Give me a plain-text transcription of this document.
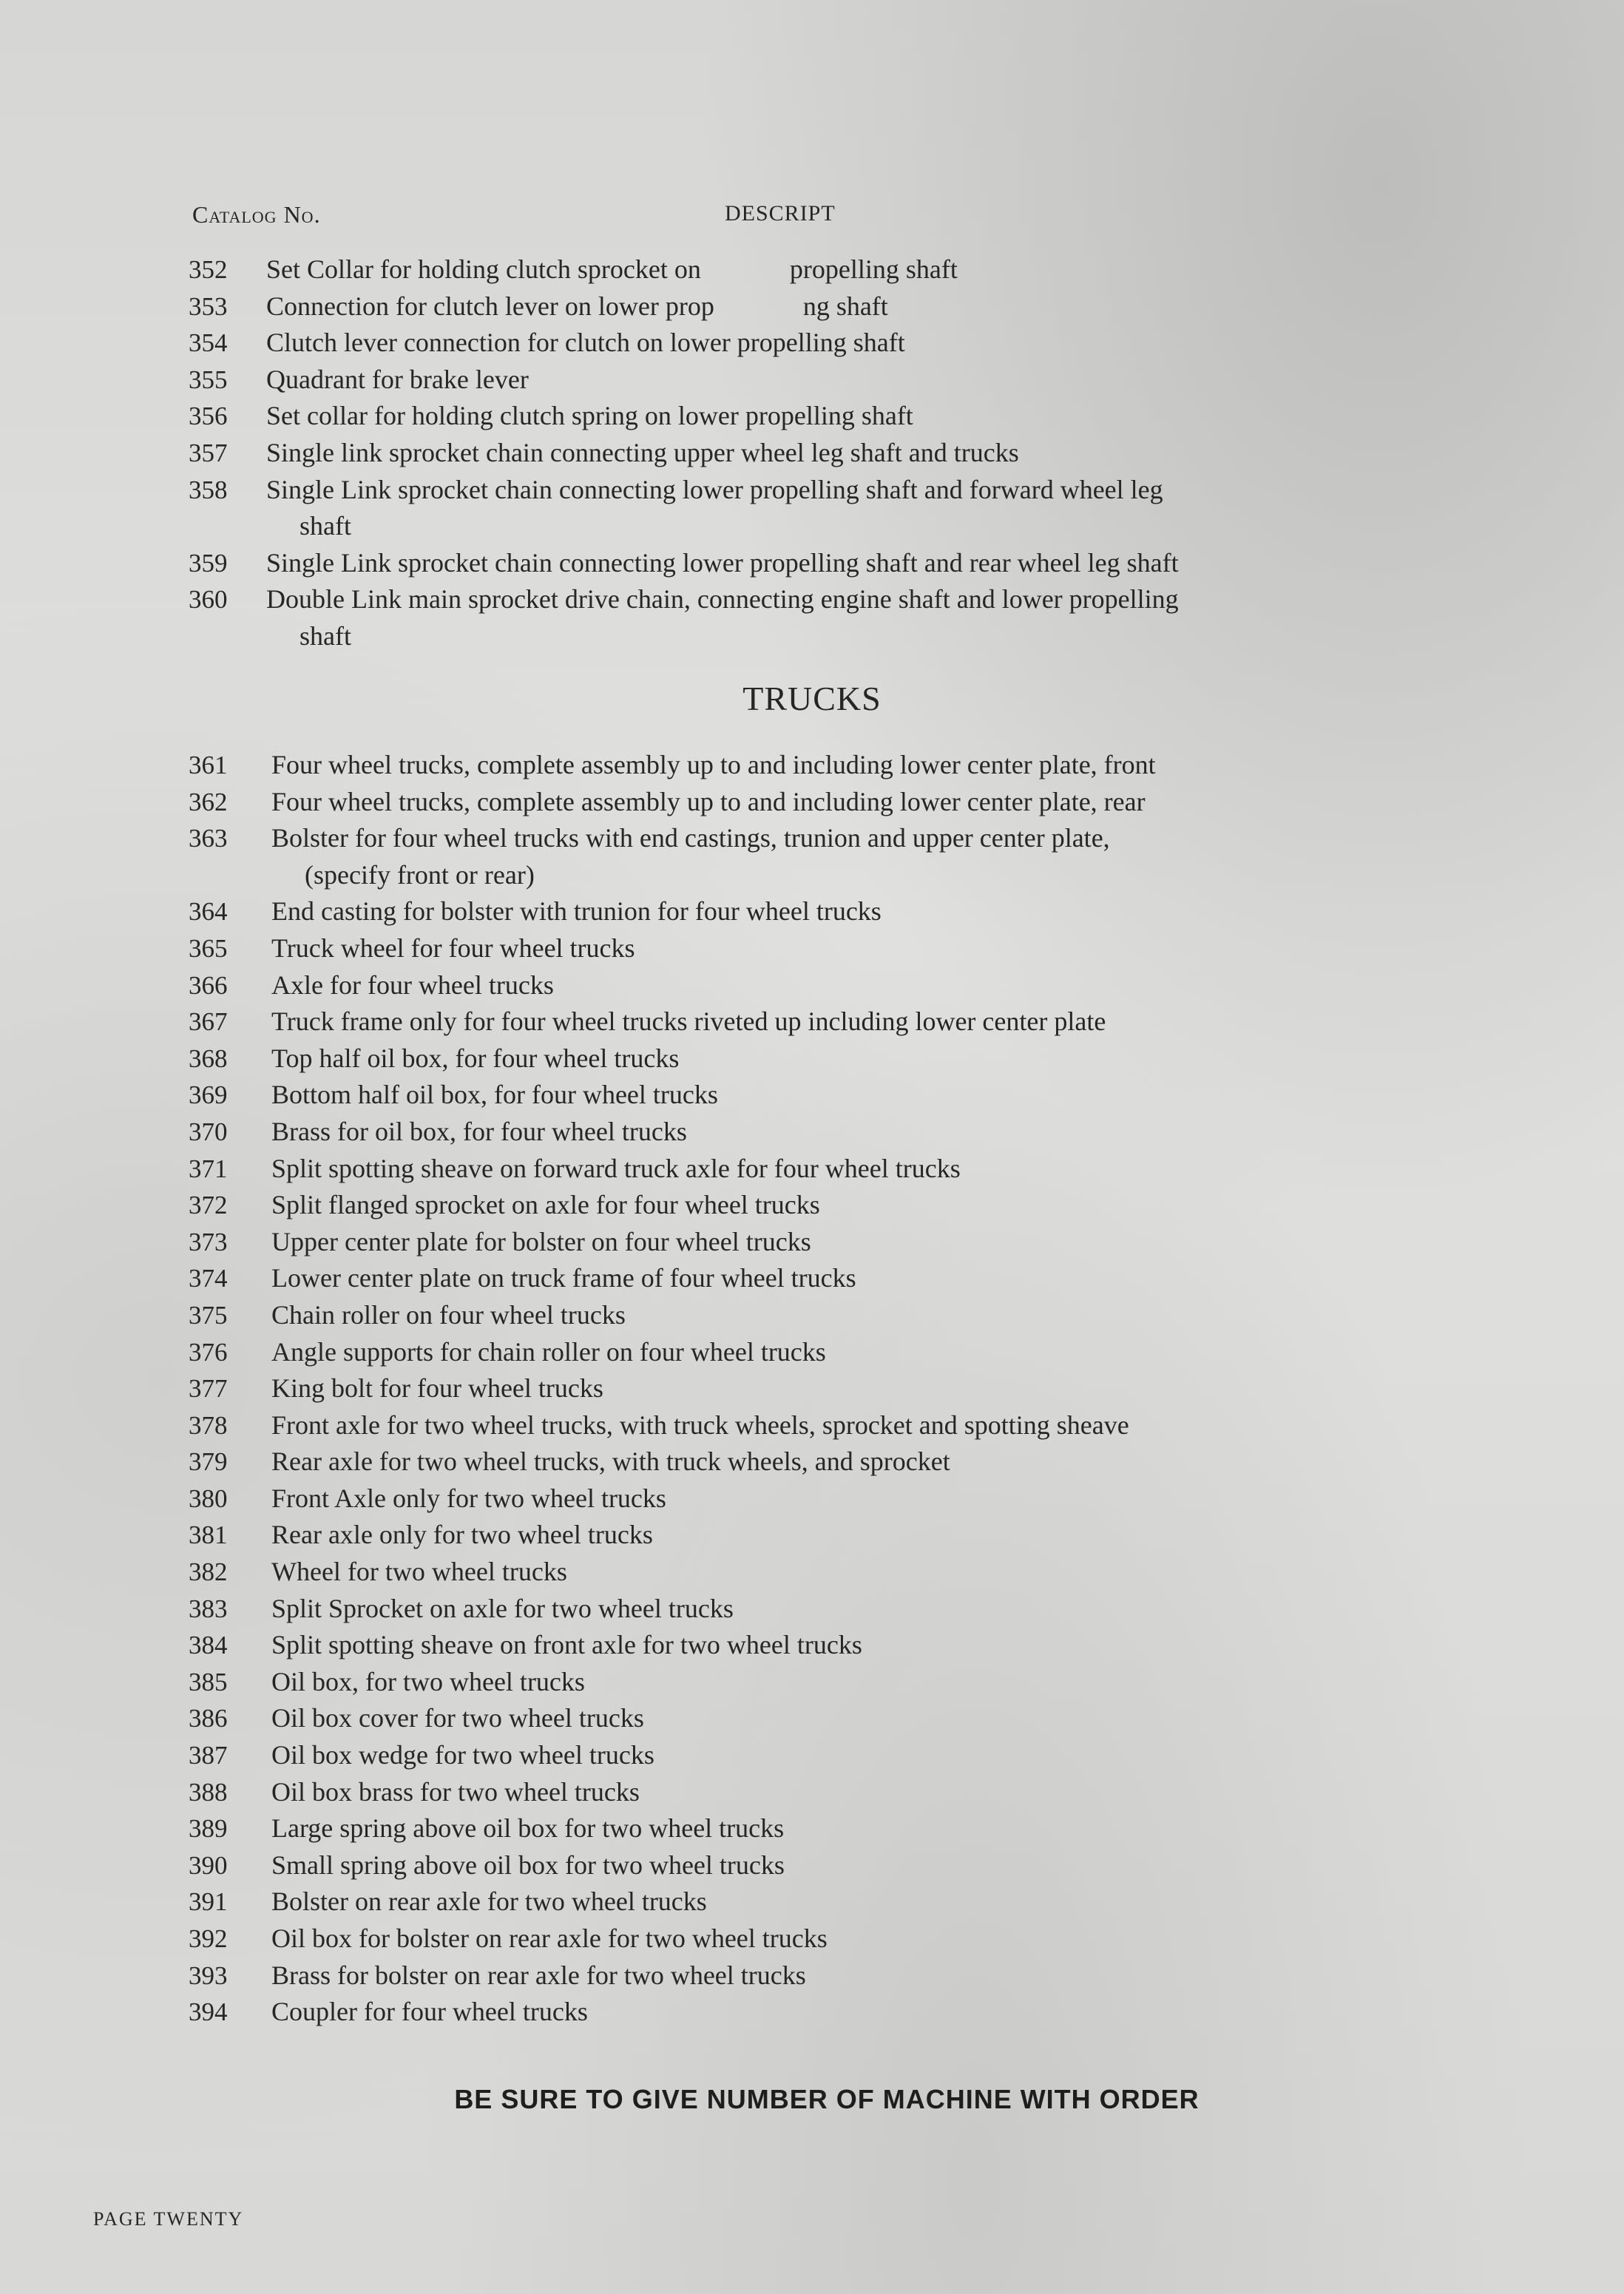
Catalog No.	DESCRIPT
352	Set Collar for holding clutch sprocket on	propelling shaft
353	Connection for clutch lever on lower prop	ng shaft
354	Clutch lever connection for clutch on lower propelling shaft
355	Quadrant for brake lever
356	Set collar for holding clutch spring on lower propelling shaft
357	Single link sprocket chain connecting upper wheel leg shaft and trucks
358	Single Link sprocket chain connecting lower propelling shaft and forward wheel leg
shaft
359	Single Link sprocket chain connecting lower propelling shaft and rear wheel leg shaft
360	Double Link main sprocket drive chain, connecting engine shaft and lower propelling
shaft
TRUCKS
361	Four wheel trucks, complete assembly up to and including lower center plate, front
362	Four wheel trucks, complete assembly up to and including lower center plate, rear
363	Bolster for four wheel trucks with end castings, trunion and upper center plate,
(specify front or rear)
364	End casting for bolster with trunion for four wheel trucks
365	Truck wheel for four wheel trucks
366	Axle for four wheel trucks
367	Truck frame only for four wheel trucks riveted up including lower center plate
368	Top half oil box, for four wheel trucks
369	Bottom half oil box, for four wheel trucks
370	Brass for oil box, for four wheel trucks
371	Split spotting sheave on forward truck axle for four wheel trucks
372	Split flanged sprocket on axle for four wheel trucks
373	Upper center plate for bolster on four wheel trucks
374	Lower center plate on truck frame of four wheel trucks
375	Chain roller on four wheel trucks
376	Angle supports for chain roller on four wheel trucks
377	King bolt for four wheel trucks
378	Front axle for two wheel trucks, with truck wheels, sprocket and spotting sheave
379	Rear axle for two wheel trucks, with truck wheels, and sprocket
380	Front Axle only for two wheel trucks
381	Rear axle only for two wheel trucks
382	Wheel for two wheel trucks
383	Split Sprocket on axle for two wheel trucks
384	Split spotting sheave on front axle for two wheel trucks
385	Oil box, for two wheel trucks
386	Oil box cover for two wheel trucks
387	Oil box wedge for two wheel trucks
388	Oil box brass for two wheel trucks
389	Large spring above oil box for two wheel trucks
390	Small spring above oil box for two wheel trucks
391	Bolster on rear axle for two wheel trucks
392	Oil box for bolster on rear axle for two wheel trucks
393	Brass for bolster on rear axle for two wheel trucks
394	Coupler for four wheel trucks
BE SURE TO GIVE NUMBER OF MACHINE WITH ORDER
PAGE TWENTY
